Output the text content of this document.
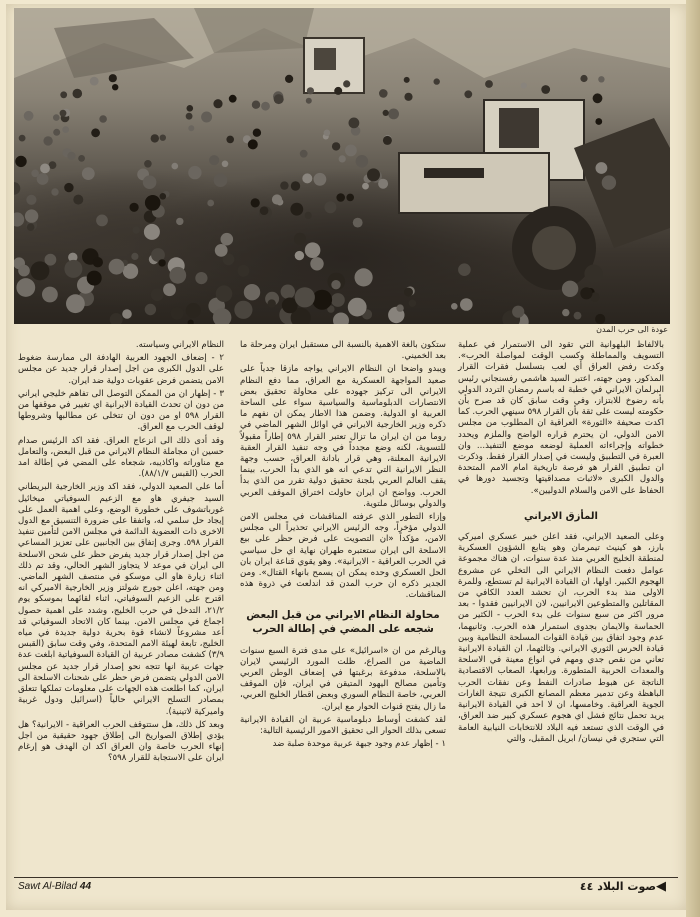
عودة الى حرب المدن

بالالفاظ البلهوانية التي تقود الى الاستمرار في عملية التسويف والمماطلة وكسب الوقت لمواصلة الحرب». وكدت رفض العراق أي لعب بتسلسل فقرات القرار المذكور. ومن جهته، اعتبر السيد هاشمي رفسنجاني رئيس البرلمان الايراني في خطبة له باسم رمضان التردد الدولي بأنه رضوخ للابتزاز، وفي وقت سابق كان قد صرح بأن حكومته ليست على ثقة بأن القرار ٥٩٨ سينهي الحرب. كما اكدت صحيفة «الثورة» العراقية ان المطلوب من مجلس الامن الدولي، ان يحترم قراره الواضح والملزم ويحدد خطواته وإجراءاته العملية لوضعه موضع التنفيذ... وان العبرة في التطبيق وليست في إصدار القرار فقط. وذكرت ان تطبيق القرار هو فرصة تاريخية امام الامم المتحدة والدول الكبرى «لاثبات مصداقيتها وتجسيد دورها في الحفاظ على الامن والسلام الدوليين».

المأزق الايراني

وعلى الصعيد الايراني، فقد اعلن خبير عسكري اميركي بارز، هو كينيث تيمرمان وهو يتابع الشؤون العسكرية لمنطقة الخليج العربي منذ عدة سنوات، ان هناك مجموعة عوامل دفعت النظام الايراني الى التخلي عن مشروع الهجوم الكبير. اولها، ان القيادة الايرانية لم تستطع، وللمرة الاولى منذ بدء الحرب، ان تحشد العدد الكافي من المقاتلين والمتطوعين الايرانيين، لان الايرانيين فقدوا - بعد مرور اكثر من سبع سنوات على بدء الحرب - الكثير من الحماسة والايمان بجدوى استمرار هذه الحرب. وثانيهما، عدم وجود اتفاق بين قيادة القوات المسلحة النظامية وبين قيادة الحرس الثوري الايراني. وثالثهما، ان القيادة الايرانية تعاني من نقص جدي ومهم في انواع معينة في الاسلحة والمعدات الحربية المتطورة. ورابعها، الصعاب الاقتصادية الناتجة عن هبوط صادرات النفط وعن نفقات الحرب الباهظة وعن تدمير معظم المصانع الكبرى نتيجة الغارات الجوية العراقية. وخامسها، ان لا احد في القيادة الايرانية يريد تحمل نتائج فشل اي هجوم عسكري كبير ضد العراق، في الوقت الذي تستعد فيه البلاد للانتخابات النيابية العامة التي ستجري في نيسان/ ابريل المقبل، والتي

ستكون بالغة الاهمية بالنسبة الى مستقبل ايران ومرحلة ما بعد الخميني.

ويبدو واضحا ان النظام الايراني يواجه مازقا جدياً على صعيد المواجهة العسكرية مع العراق، مما دفع النظام الايراني الى تركيز جهوده على محاولة تحقيق بعض الانتصارات الدبلوماسية والسياسية سواء على الساحة العربية او الدولية. وضمن هذا الاطار يمكن ان نفهم ما ذكره وزير الخارجية الايراني في اوائل الشهر الماضي في روما من ان ايران ما تزال تعتبر القرار ٥٩٨ إطاراً مقبولاً للتسوية، لكنه وضع مجدداً في وجه تنفيذ القرار العقبة الايرانية المعلنة، وهي قرار بادانة العراق، حسب وجهة النظر الايرانية التي تدعي انه هو الذي بدأ الحرب، بينما يقف العالم العربي بلجنة تحقيق دولية تقرر من الذي بدأ الحرب. وواضح ان ايران حاولت اختراق الموقف العربي والدولي بوسائل ملتوية.

وإزاء التطور الذي عرفته المناقشات في مجلس الامن الدولي مؤخراً، وجه الرئيس الايراني تحذيراً الى مجلس الامن، مؤكداً «ان التصويت على فرض حظر على بيع الاسلحة الى ايران ستعتبره طهران نهاية اي حل سياسي في الحرب العراقية - الايرانية». وهو يقوي قناعة ايران بان الحل العسكري وحده يمكن ان يسمح بانهاء القتال». ومن الجدير ذكره ان حرب المدن قد اندلعت في ذروة هذه المناقشات.

محاولة النظام الايراني من قبل البعض شجعه على المضي في إطالة الحرب

وبالرغم من ان «اسرائيل» على مدى فترة السبع سنوات الماضية من الصراع، ظلت المورد الرئيسي لايران بالاسلحة، مدفوعة برغبتها في إضعاف الوطن العربي وتأمين مصالح اليهود المتيقن في ايران، فإن الموقف العربي، خاصة النظام السوري وبعض اقطار الخليج العربي، ما زال يفتح قنوات الحوار مع ايران.

لقد كشفت أوساط دبلوماسية عربية ان القيادة الايرانية تسعى بذلك الحوار الى تحقيق الامور الرئيسية التالية:

١ - إظهار عدم وجود جبهة عربية موحدة صلبة ضد

النظام الايراني وسياسته.

٢ - إضعاف الجهود العربية الهادفة الى ممارسة ضغوط على الدول الكبرى من اجل إصدار قرار جديد عن مجلس الامن يتضمن فرض عقوبات دولية ضد ايران.

٣ - إظهار ان من الممكن التوصل الى تفاهم خليجي ايراني من دون ان تحدث القيادة الايرانية اي تغيير في موقفها من القرار ٥٩٨ او من دون ان تتخلى عن مطالبها وشروطها لوقف الحرب مع العراق.

وقد أدى ذلك الى انزعاج العراق. فقد اكد الرئيس صدام حسين ان مجاملة النظام الايراني من قبل البعض، والتعامل مع مناوراته واكاذيبه، شجعاه على المضي في إطالة امد الحرب (القبس ٨٨/١/٧).

أما على الصعيد الدولي، فقد اكد وزير الخارجية البريطاني السيد جيفري هاو مع الزعيم السوفياتي ميخائيل غورباتشوف على خطورة الوضع، وعلى اهمية العمل على إيجاد حل سلمي له، واتفقا على ضرورة التنسيق مع الدول الاخرى ذات العضوية الدائمة في مجلس الامن لتأمين تنفيذ القرار ٥٩٨. وجرى إتفاق بين الجانبين على تعزيز المساعي من اجل إصدار قرار جديد يفرض حظر على شحن الاسلحة الى ايران في موعد لا يتجاوز الشهر الحالي، وقد تم ذلك اثناء زيارة هاو الى موسكو في منتصف الشهر الماضي. ومن جهته، اعلن جورج شولتز وزير الخارجية الاميركي انه اقترح على الزعيم السوفياتي، اثناء لقائهما بموسكو يوم ٢١/٢، التدخل في حرب الخليج، وشدد على اهمية حصول اجماع في مجلس الامن. بينما كان الاتحاد السوفياتي قد أعد مشروعاً لانشاء قوة بحرية دولية جديدة في مياه الخليج، تابعة لهيئة الامم المتحدة، وفي وقت سابق (القبس ٣/٩) كشفت مصادر عربية ان القيادة السوفياتية ابلغت عدة جهات عربية انها تتجه نحو إصدار قرار جديد عن مجلس الامن الدولي يتضمن فرض حظر على شحنات الاسلحة الى ايران، كما اطلعت هذه الجهات على معلومات تملكها تتعلق بمصادر التسلح الايراني حالياً (اسرائيل ودول غربية واميركية لاتينية).

وبعد كل ذلك، هل ستتوقف الحرب العراقية - الايرانية؟ هل يؤدي إطلاق الصواريخ الى إطلاق جهود حقيقية من اجل إنهاء الحرب خاصة وان العراق اكد ان الهدف هو إرغام ايران على الاستجابة للقرار ٥٩٨؟

Sawt Al-Bilad 44	صوت البلاد ٤٤	◀
